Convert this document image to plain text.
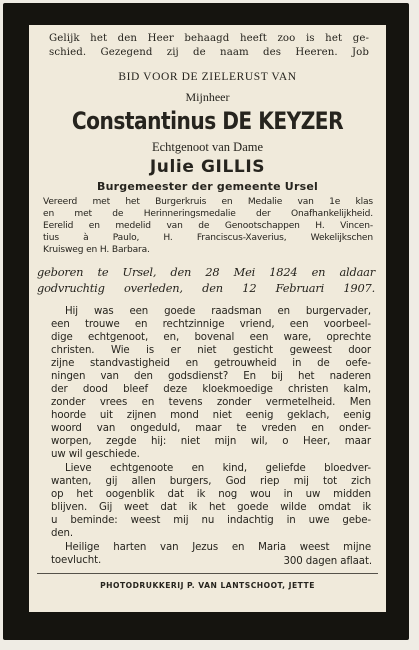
Gelijk het den Heer behaagd heeft zoo is het ge-
schied. Gezegend zij de naam des Heeren. Job
BID VOOR DE ZIELERUST VAN
Mijnheer
Constantinus DE KEYZER
Echtgenoot van Dame
Julie GILLIS
Burgemeester der gemeente Ursel
Vereerd met het Burgerkruis en Medalie van 1e klas
en met de Herinneringsmedalie der Onafhankelijkheid.
Eerelid en medelid van de Genootschappen H. Vincen-
tius à Paulo, H. Franciscus-Xaverius, Wekelijkschen
Kruisweg en H. Barbara.
geboren te Ursel, den 28 Mei 1824 en aldaar
godvruchtig overleden, den 12 Februari 1907.
Hij was een goede raadsman en burgervader,
een trouwe en rechtzinnige vriend, een voorbeel-
dige echtgenoot, en, bovenal een ware, oprechte
christen. Wie is er niet gesticht geweest door
zijne standvastigheid en getrouwheid in de oefe-
ningen van den godsdienst? En bij het naderen
der dood bleef deze kloekmoedige christen kalm,
zonder vrees en tevens zonder vermetelheid. Men
hoorde uit zijnen mond niet eenig geklach, eenig
woord van ongeduld, maar te vreden en onder-
worpen, zegde hij: niet mijn wil, o Heer, maar
uw wil geschiede.
Lieve echtgenoote en kind, geliefde bloedver-
wanten, gij allen burgers, God riep mij tot zich
op het oogenblik dat ik nog wou in uw midden
blijven. Gij weet dat ik het goede wilde omdat ik
u beminde: weest mij nu indachtig in uwe gebe-
den.
Heilige harten van Jezus en Maria weest mijne
toevlucht.	300 dagen aflaat.
PHOTODRUKKERIJ P. VAN LANTSCHOOT, JETTE
